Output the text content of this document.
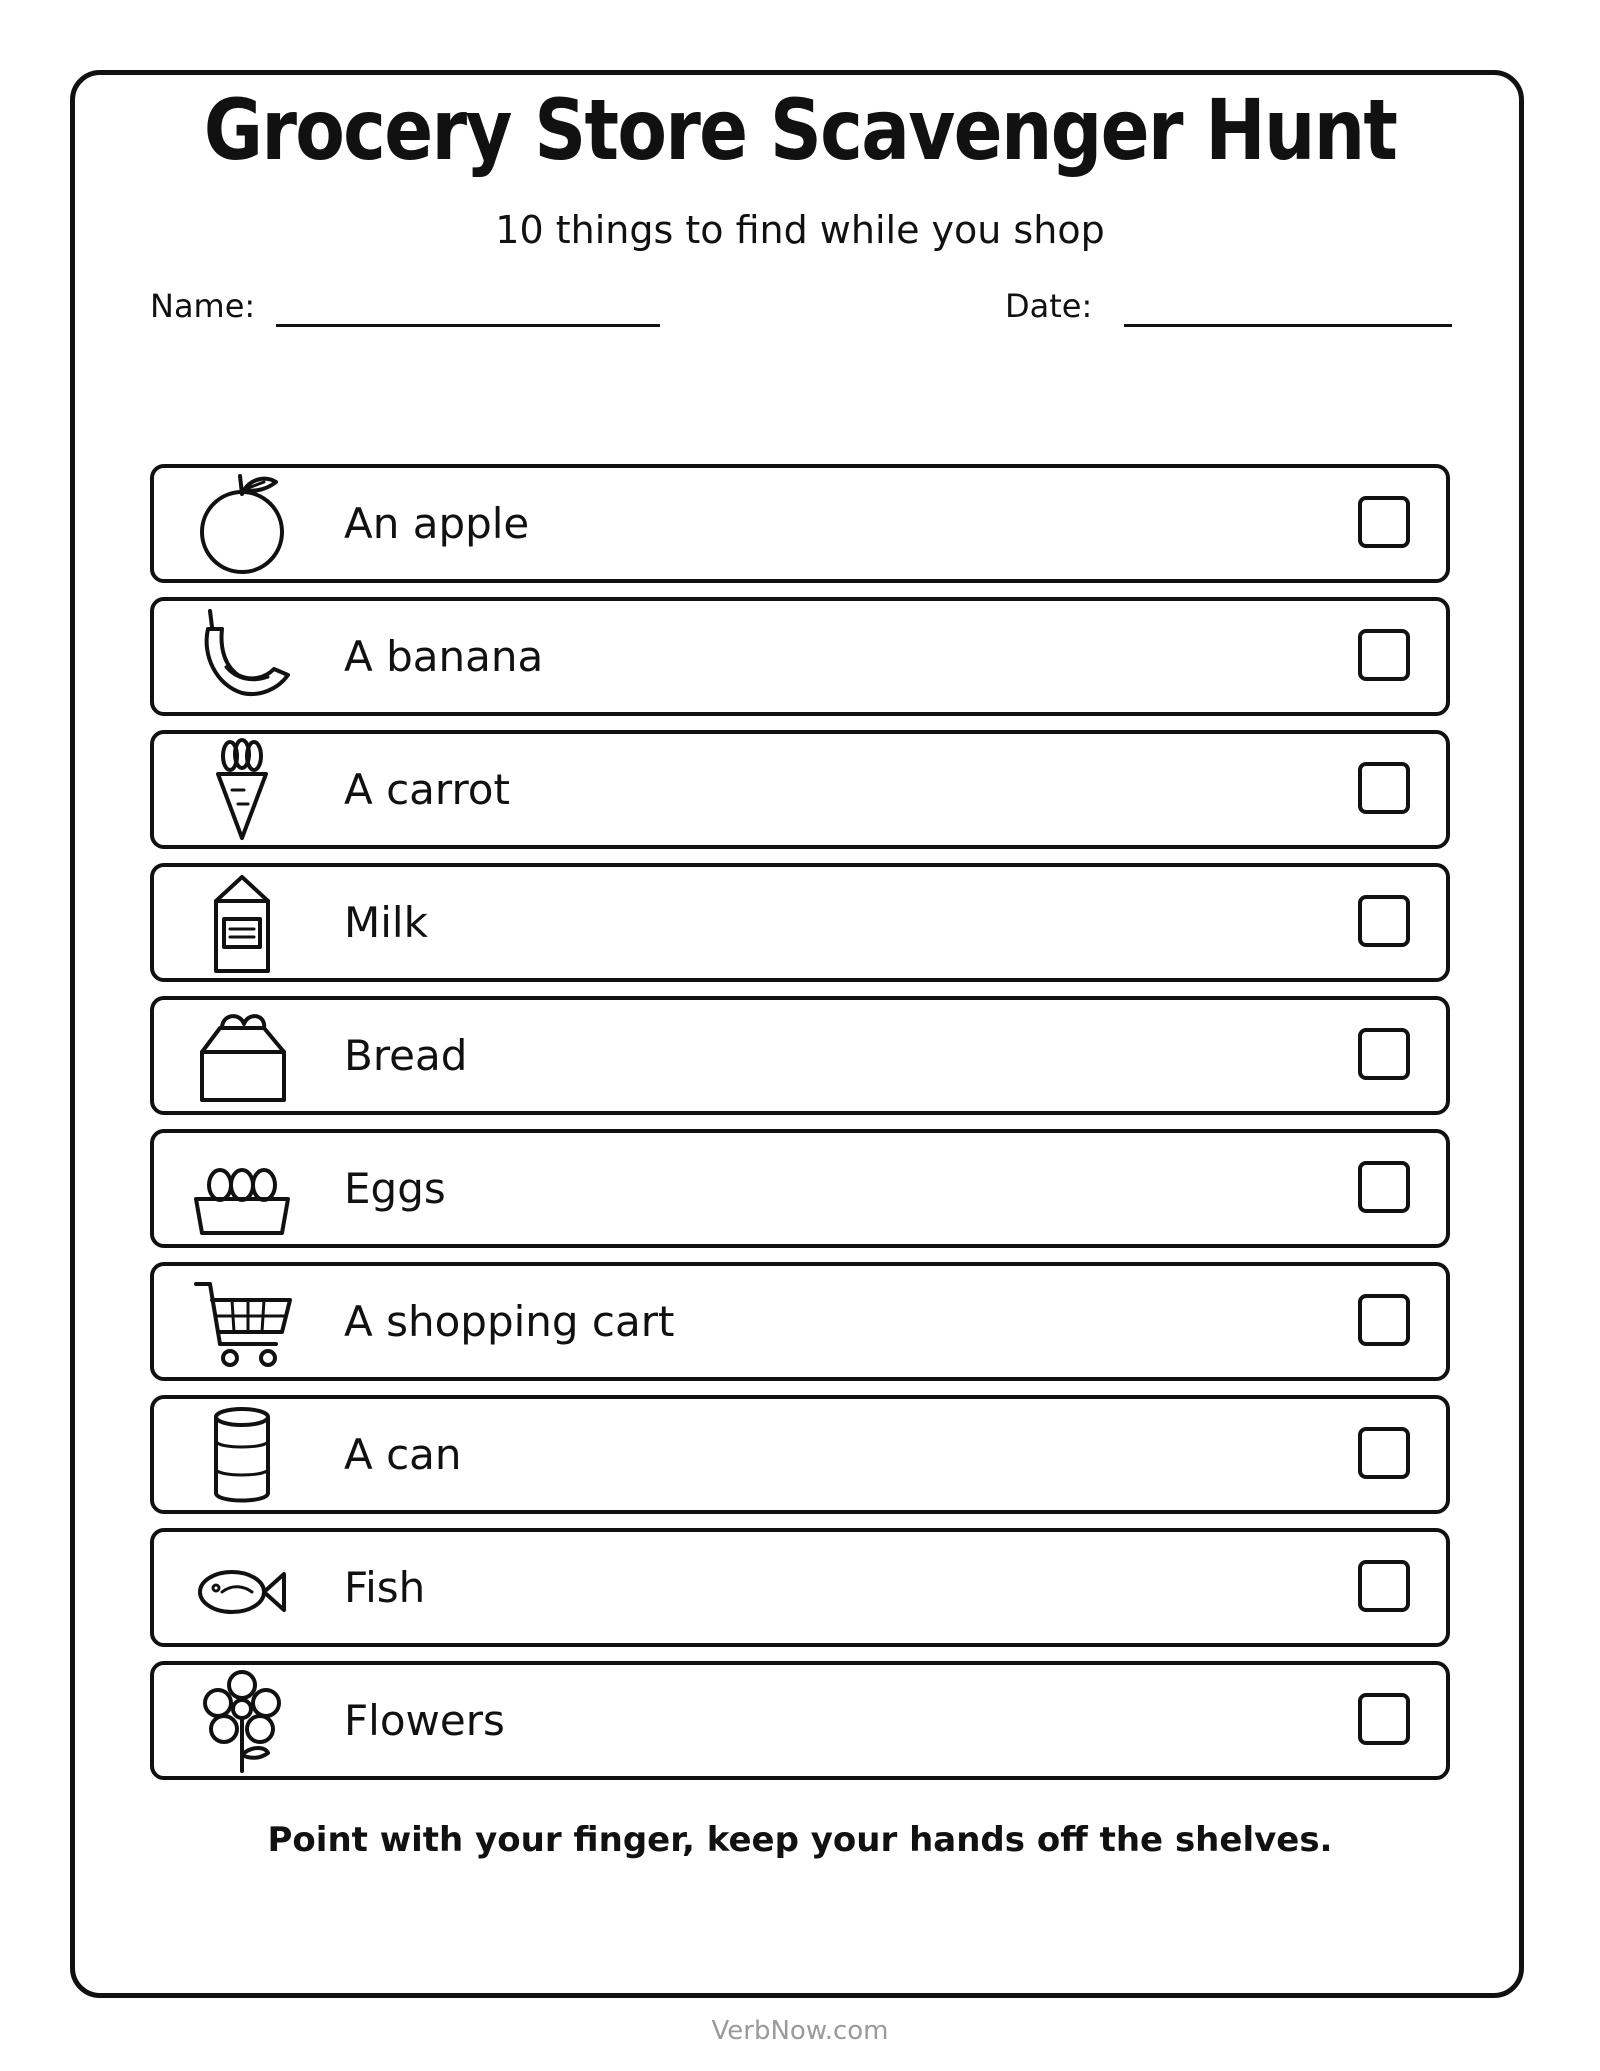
Grocery Store Scavenger Hunt
10 things to find while you shop
Name:	Date:
An apple
A banana
A carrot
Milk
Bread
Eggs
A shopping cart
A can
Fish
Flowers
Point with your finger, keep your hands off the shelves.
VerbNow.com
